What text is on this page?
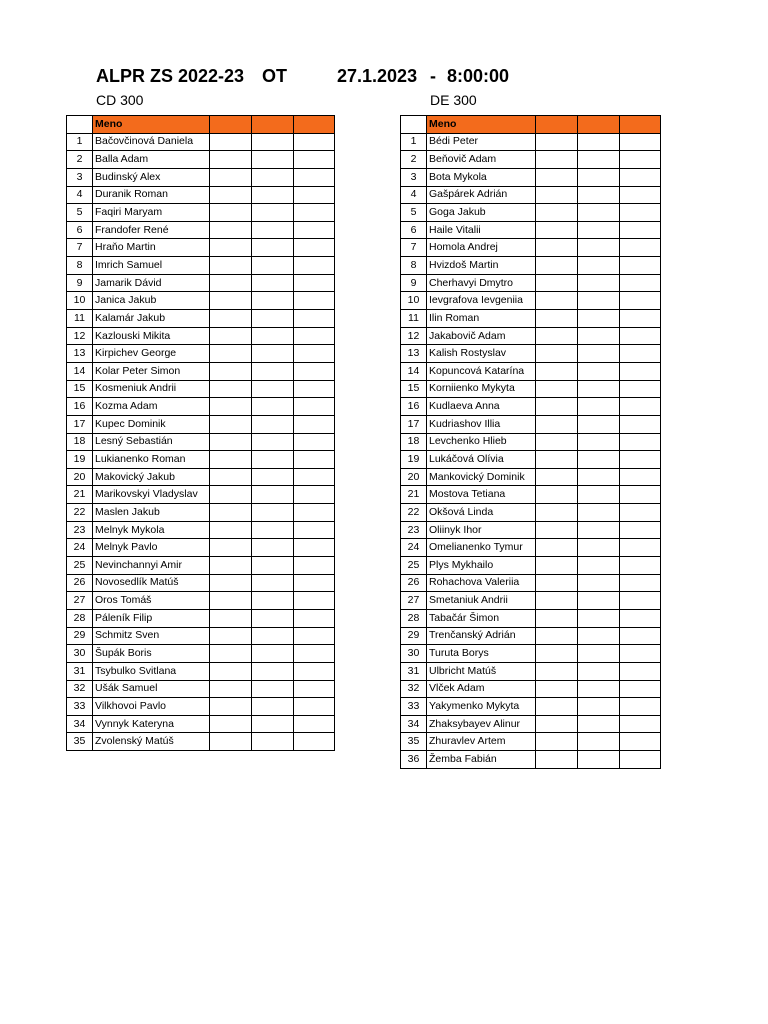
ALPR ZS 2022-23 OT	27.1.2023 - 8:00:00
CD 300	DE 300
	Meno			
1	Bačovčinová Daniela			
2	Balla Adam			
3	Budinský Alex			
4	Duranik Roman			
5	Faqiri Maryam			
6	Frandofer René			
7	Hraňo Martin			
8	Imrich Samuel			
9	Jamarik Dávid			
10	Janica Jakub			
11	Kalamár Jakub			
12	Kazlouski Mikita			
13	Kirpichev George			
14	Kolar Peter Simon			
15	Kosmeniuk Andrii			
16	Kozma Adam			
17	Kupec Dominik			
18	Lesný Sebastián			
19	Lukianenko Roman			
20	Makovický Jakub			
21	Marikovskyi Vladyslav			
22	Maslen Jakub			
23	Melnyk Mykola			
24	Melnyk Pavlo			
25	Nevinchannyi Amir			
26	Novosedlík Matúš			
27	Oros Tomáš			
28	Páleník Filip			
29	Schmitz Sven			
30	Šupák Boris			
31	Tsybulko Svitlana			
32	Ušák Samuel			
33	Vilkhovoi Pavlo			
34	Vynnyk Kateryna			
35	Zvolenský Matúš			
	Meno			
1	Bédi Peter			
2	Beňovič Adam			
3	Bota Mykola			
4	Gašpárek Adrián			
5	Goga Jakub			
6	Haile Vitalii			
7	Homola Andrej			
8	Hvizdoš Martin			
9	Cherhavyi Dmytro			
10	Ievgrafova Ievgeniia			
11	Ilin Roman			
12	Jakabovič Adam			
13	Kalish Rostyslav			
14	Kopuncová Katarína			
15	Korniienko Mykyta			
16	Kudlaeva Anna			
17	Kudriashov Illia			
18	Levchenko Hlieb			
19	Lukáčová Olívia			
20	Mankovický Dominik			
21	Mostova Tetiana			
22	Okšová Linda			
23	Oliinyk Ihor			
24	Omelianenko Tymur			
25	Plys Mykhailo			
26	Rohachova Valeriia			
27	Smetaniuk Andrii			
28	Tabačár Šimon			
29	Trenčanský Adrián			
30	Turuta Borys			
31	Ulbricht Matúš			
32	Vlček Adam			
33	Yakymenko Mykyta			
34	Zhaksybayev Alinur			
35	Zhuravlev Artem			
36	Žemba Fabián			
